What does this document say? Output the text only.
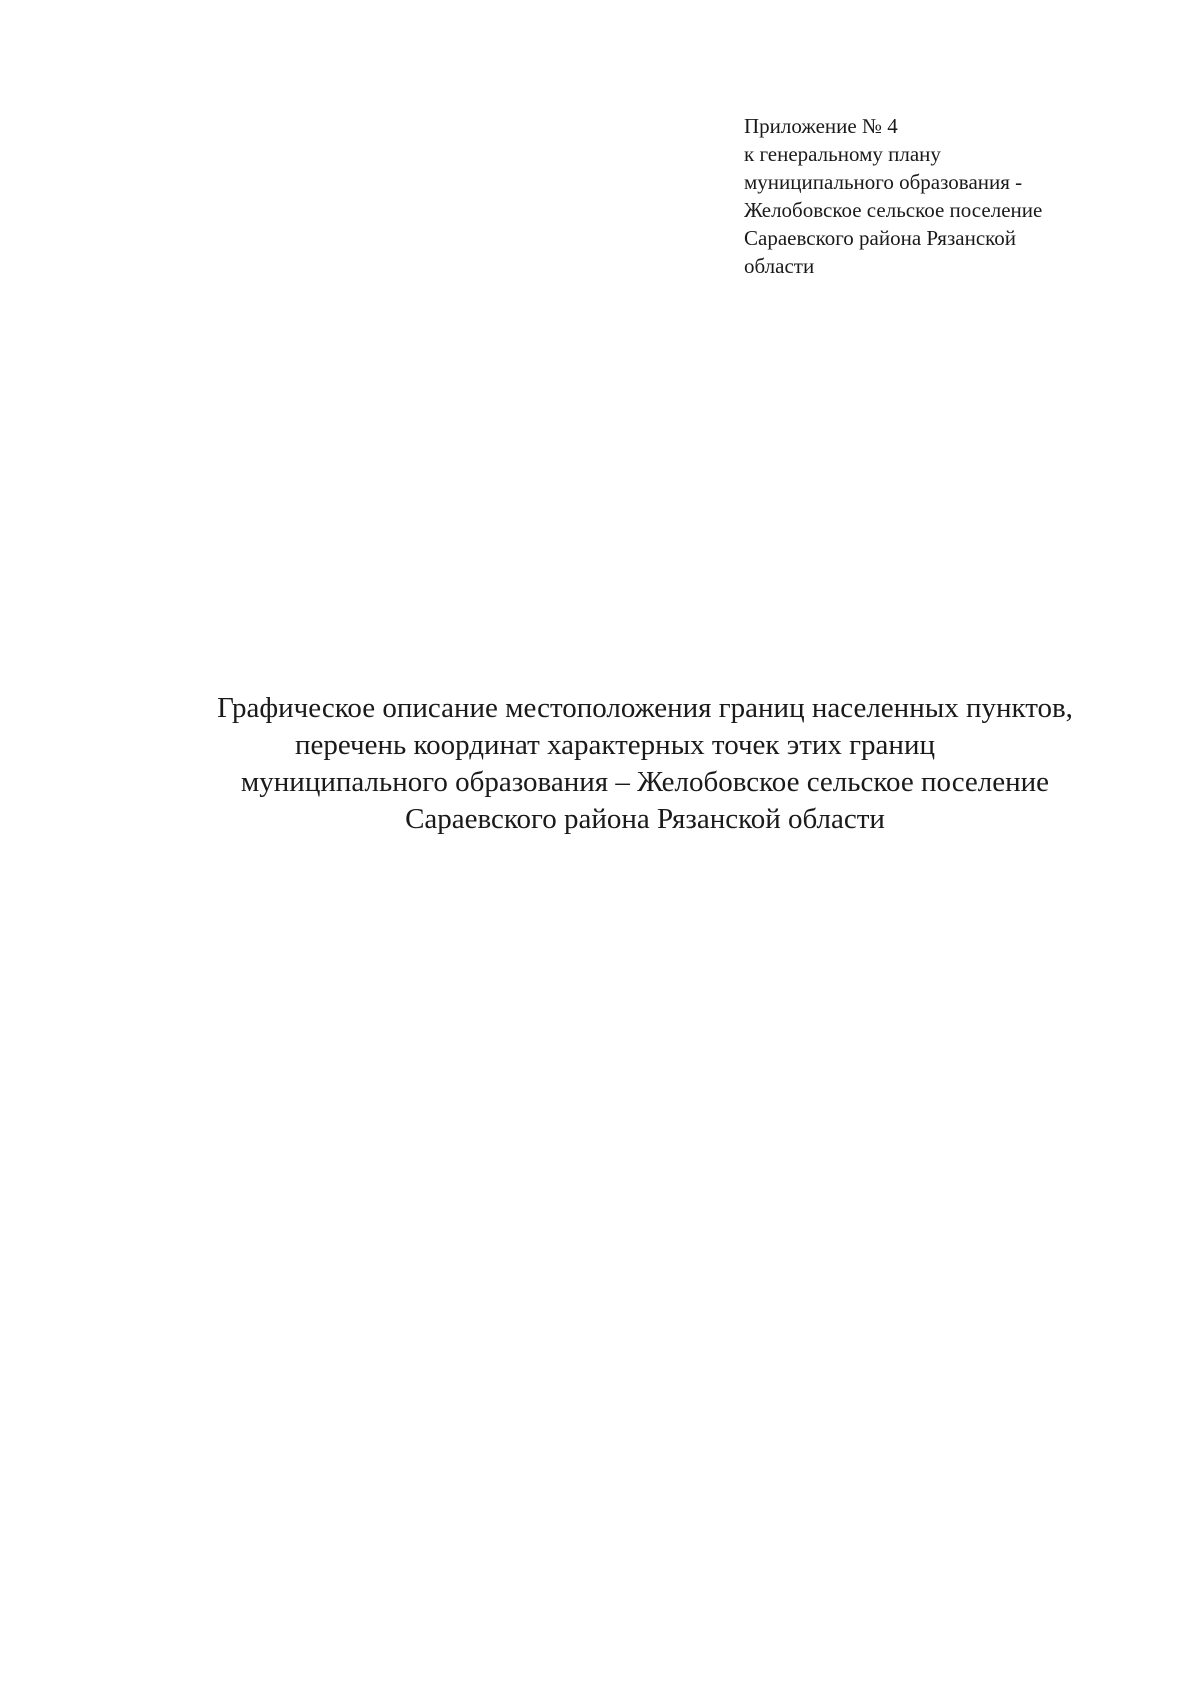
Приложение № 4
к генеральному плану
муниципального образования -
Желобовское сельское поселение
Сараевского района Рязанской
области
Графическое описание местоположения границ населенных пунктов,
перечень координат характерных точек этих границ
муниципального образования – Желобовское сельское поселение
Сараевского района Рязанской области
